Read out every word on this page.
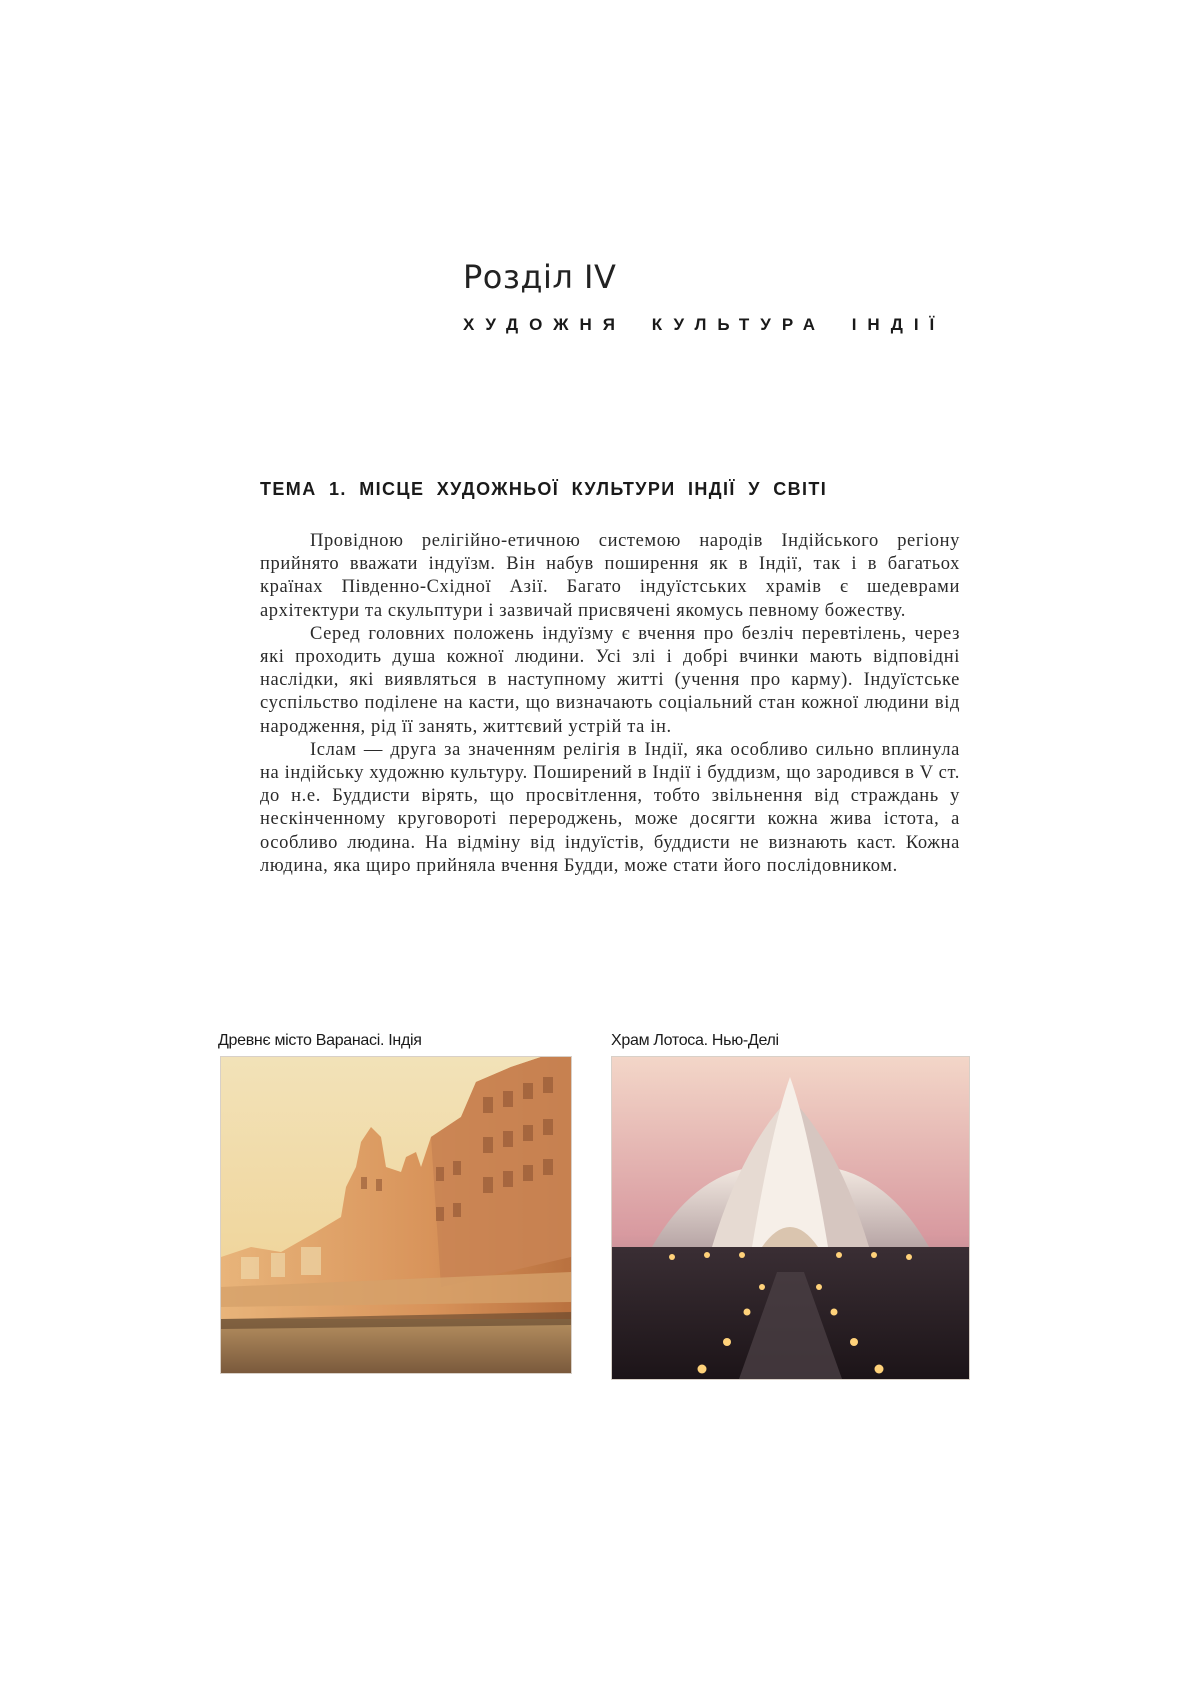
Розділ IV
ХУДОЖНЯ КУЛЬТУРА ІНДІЇ
ТЕМА 1. МІСЦЕ ХУДОЖНЬОЇ КУЛЬТУРИ ІНДІЇ У СВІТІ

Провідною релігійно-етичною системою народів Індійського регіону прийнято вважати індуїзм. Він набув поширення як в Індії, так і в багатьох країнах Південно-Східної Азії. Багато індуїстських храмів є шедеврами архітектури та скульптури і зазвичай присвячені якомусь певному божеству.

Серед головних положень індуїзму є вчення про безліч перевтілень, через які проходить душа кожної людини. Усі злі і добрі вчинки мають відповідні наслідки, які виявляться в наступному житті (учення про карму). Індуїстське суспільство поділене на касти, що визначають соціальний стан кожної людини від народження, рід її занять, життєвий устрій та ін.

Іслам — друга за значенням релігія в Індії, яка особливо сильно вплинула на індійську художню культуру. Поширений в Індії і буддизм, що зародився в V ст. до н.е. Буддисти вірять, що просвітлення, тобто звільнення від страждань у нескінченному круговороті перероджень, може досягти кожна жива істота, а особливо людина. На відміну від індуїстів, буддисти не визнають каст. Кожна людина, яка щиро прийняла вчення Будди, може стати його послідовником.

Древнє місто Варанасі. Індія	Храм Лотоса. Нью-Делі
